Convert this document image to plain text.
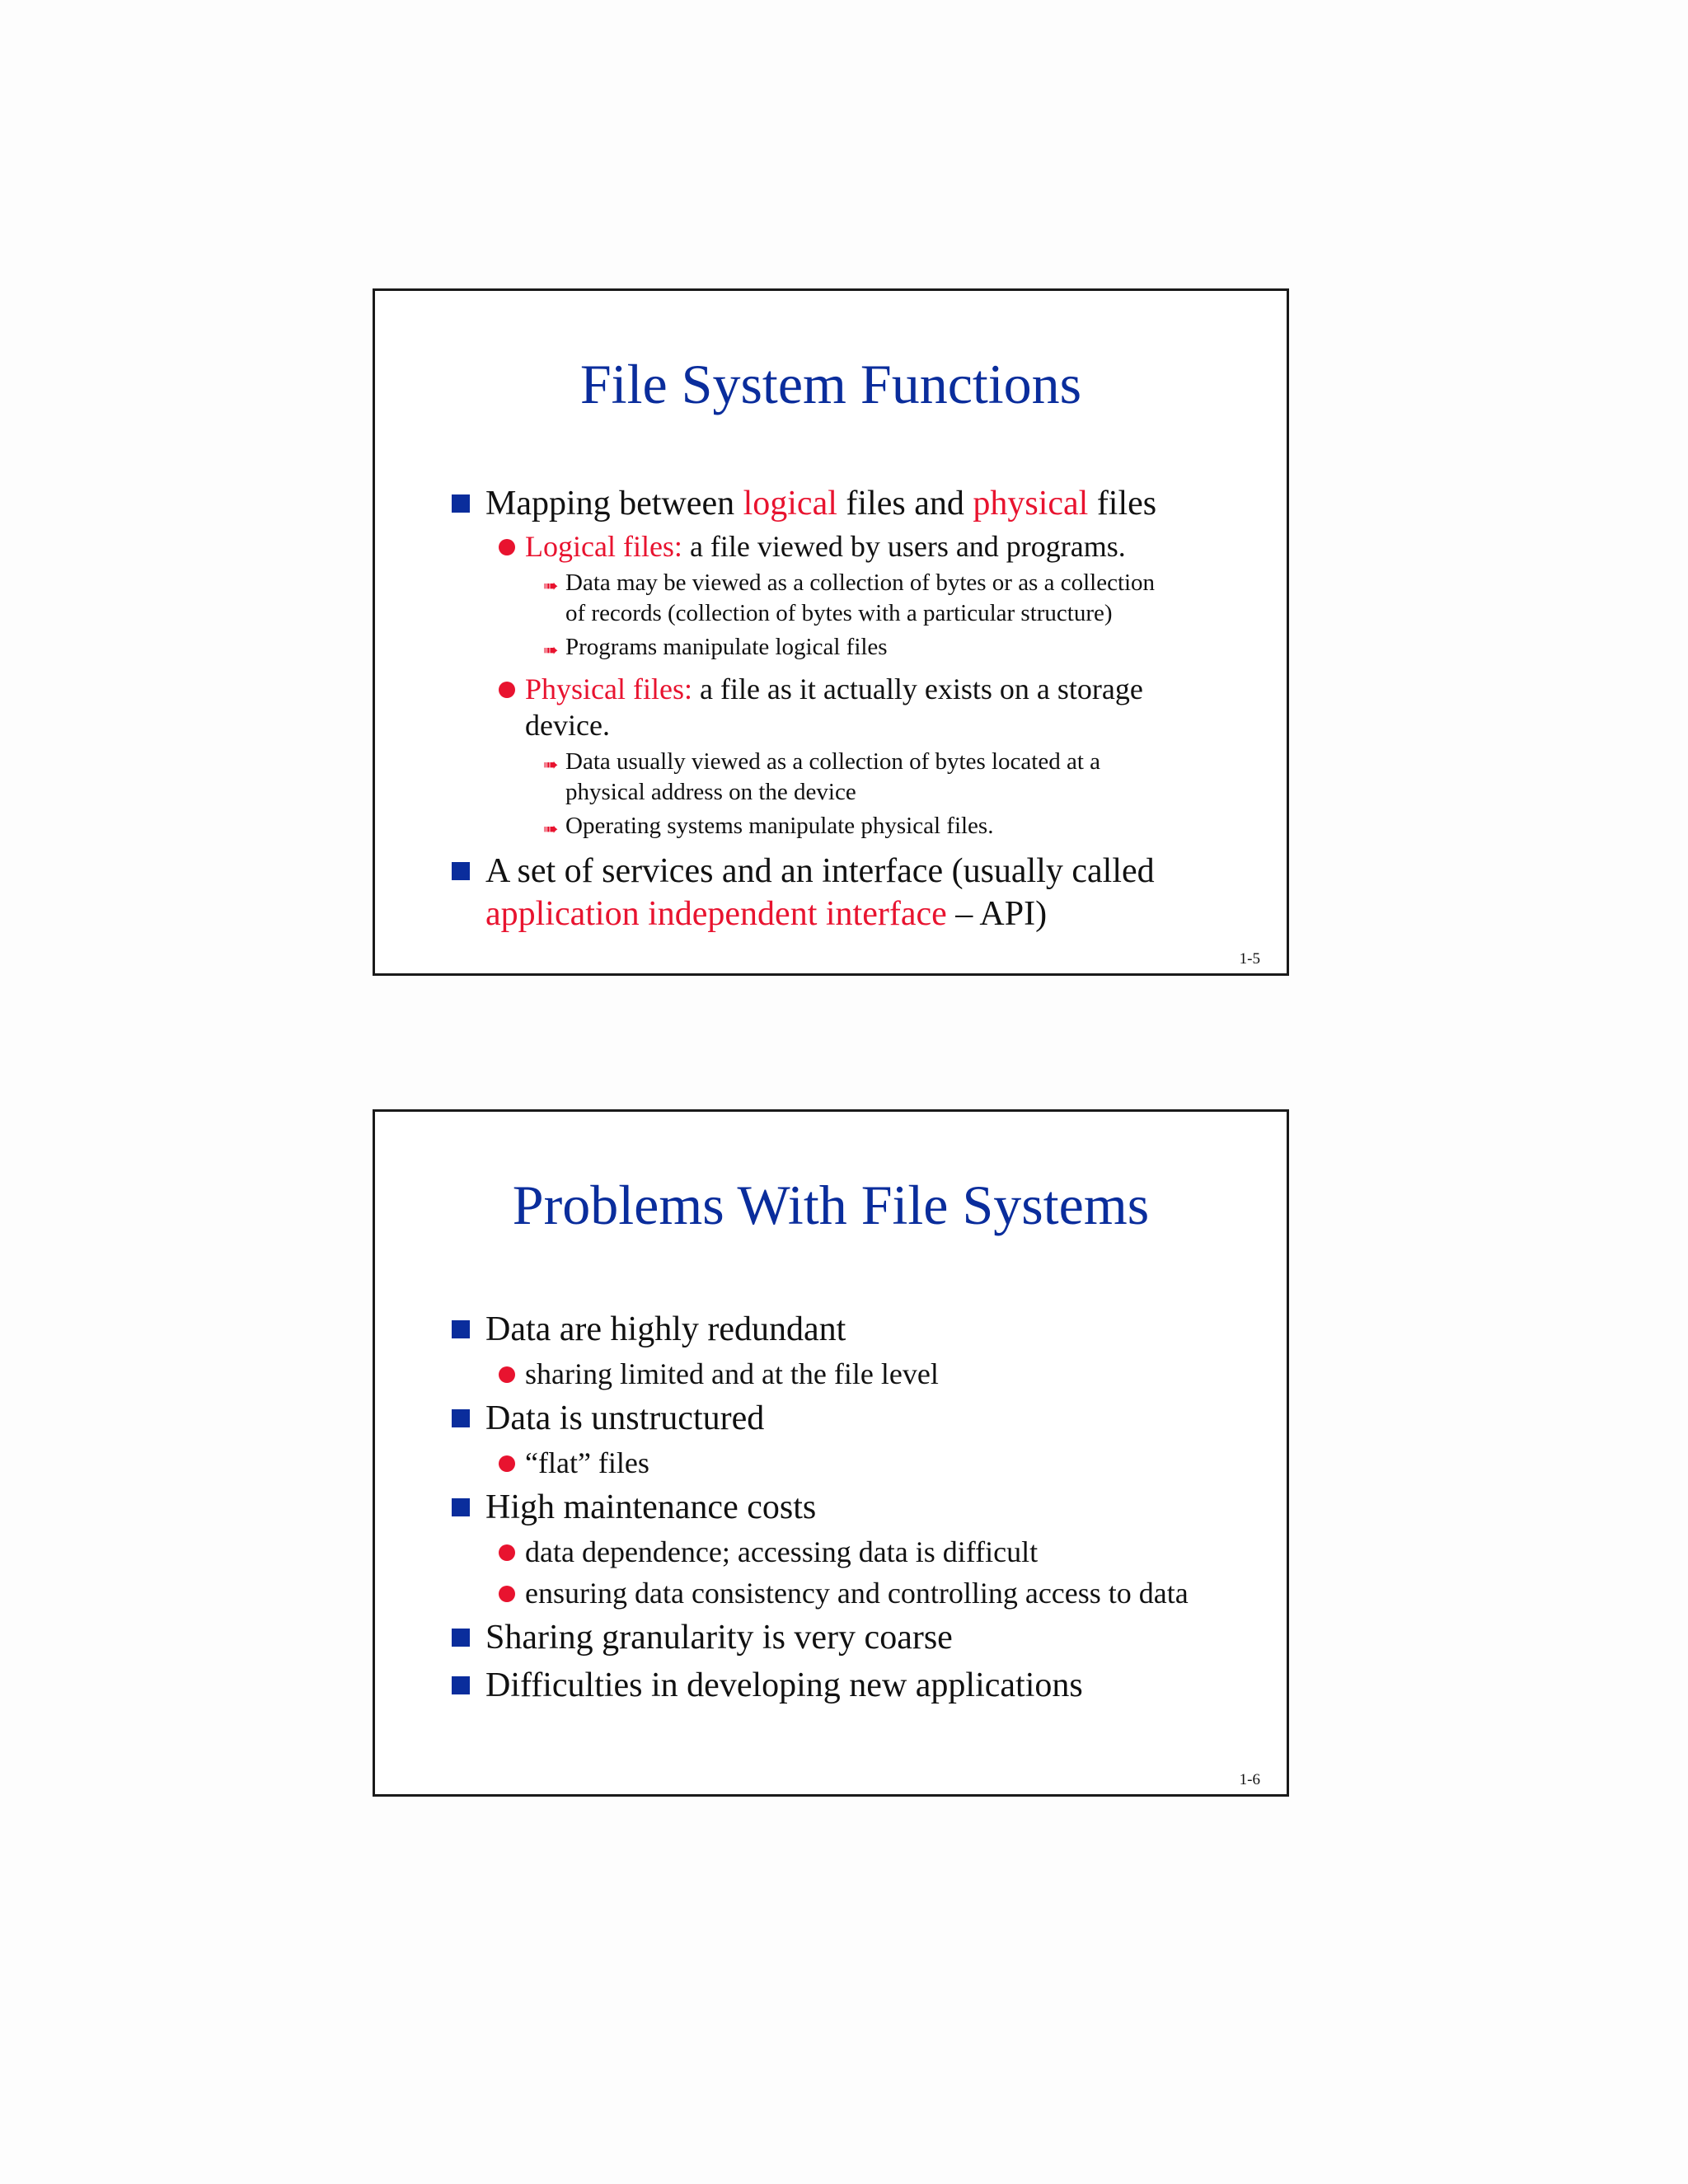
File System Functions
Mapping between logical files and physical files
Logical files: a file viewed by users and programs.
➠ Data may be viewed as a collection of bytes or as a collection
of records (collection of bytes with a particular structure)
➠ Programs manipulate logical files
Physical files: a file as it actually exists on a storage
device.
➠ Data usually viewed as a collection of bytes located at a
physical address on the device
➠ Operating systems manipulate physical files.
A set of services and an interface (usually called
application independent interface – API)
1-5
Problems With File Systems
Data are highly redundant
sharing limited and at the file level
Data is unstructured
“flat” files
High maintenance costs
data dependence; accessing data is difficult
ensuring data consistency and controlling access to data
Sharing granularity is very coarse
Difficulties in developing new applications
1-6
